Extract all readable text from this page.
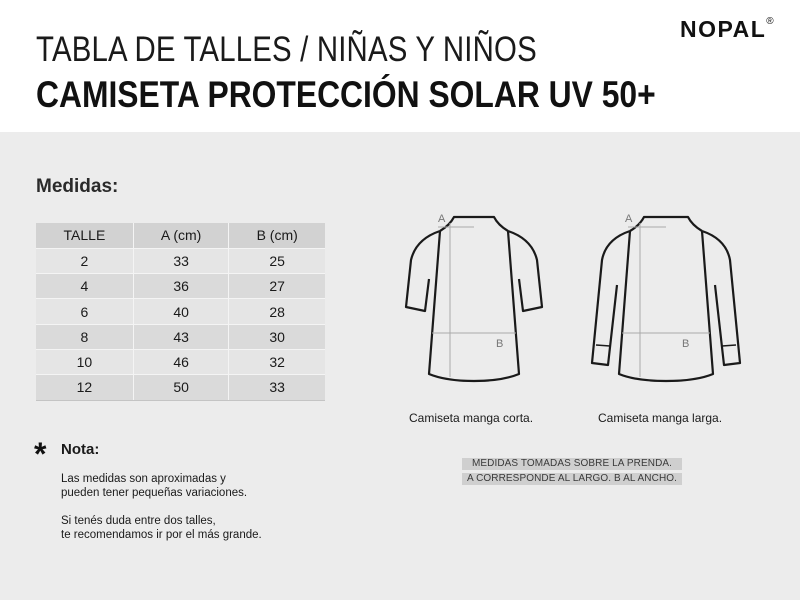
TABLA DE TALLES / NIÑAS Y NIÑOS
CAMISETA PROTECCIÓN SOLAR UV 50+
NOPAL®
Medidas:
TALLE	A (cm)	B (cm)
2	33	25
4	36	27
6	40	28
8	43	30
10	46	32
12	50	33
* Nota:
Las medidas son aproximadas y
pueden tener pequeñas variaciones.
Si tenés duda entre dos talles,
te recomendamos ir por el más grande.
A
B
A
B
Camiseta manga corta.	Camiseta manga larga.
MEDIDAS TOMADAS SOBRE LA PRENDA.
A CORRESPONDE AL LARGO. B AL ANCHO.
